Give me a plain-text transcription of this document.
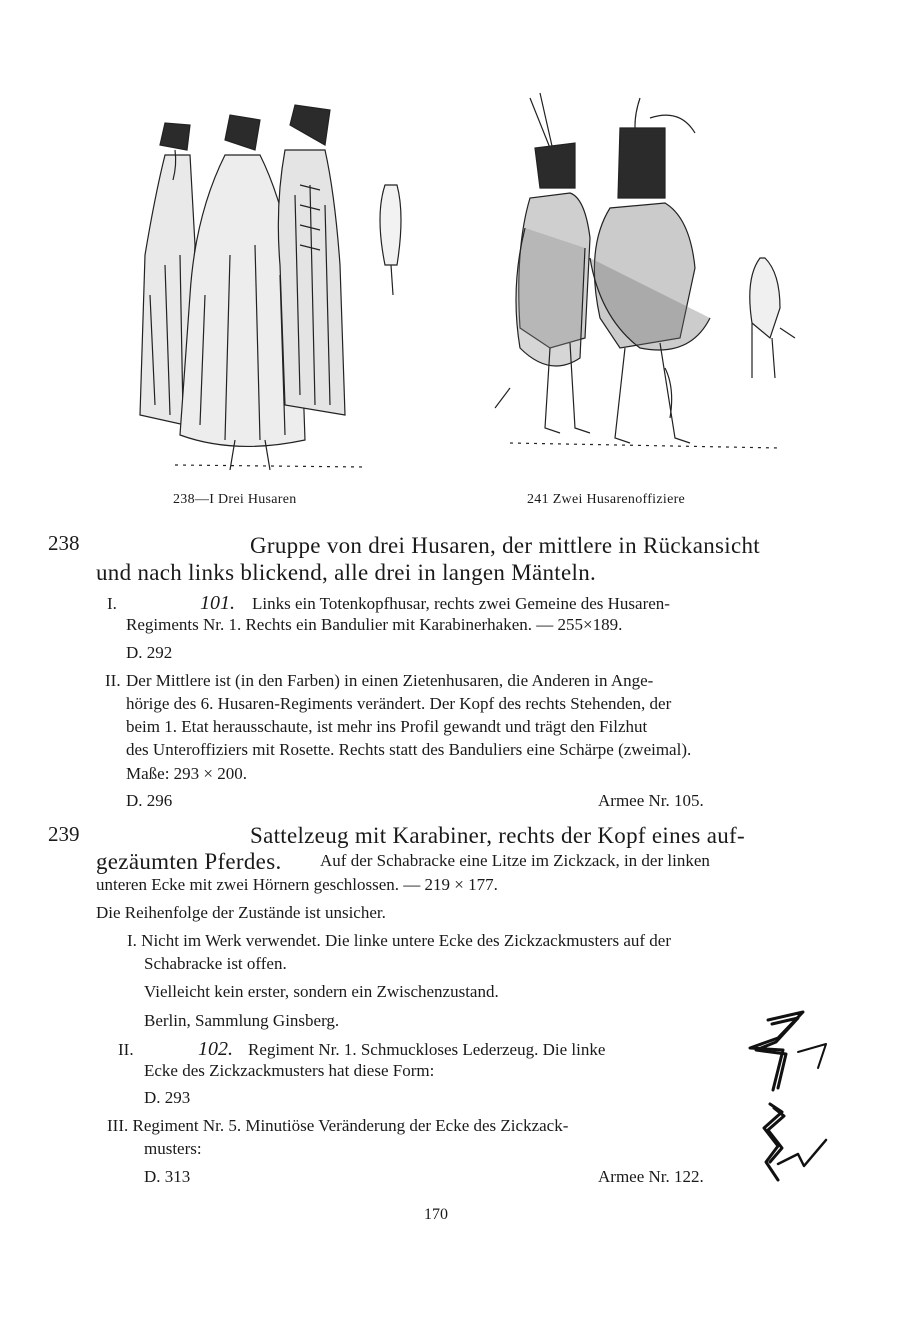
238—I Drei Husaren	241 Zwei Husarenoffiziere
238	Gruppe von drei Husaren, der mittlere in Rückansicht
und nach links blickend, alle drei in langen Mänteln.
I.	101. Links ein Totenkopfhusar, rechts zwei Gemeine des Husaren-
Regiments Nr. 1. Rechts ein Bandulier mit Karabinerhaken. — 255×189.
D. 292
II. Der Mittlere ist (in den Farben) in einen Zietenhusaren, die Anderen in Ange-
hörige des 6. Husaren-Regiments verändert. Der Kopf des rechts Stehenden, der
beim 1. Etat herausschaute, ist mehr ins Profil gewandt und trägt den Filzhut
des Unteroffiziers mit Rosette. Rechts statt des Banduliers eine Schärpe (zweimal).
Maße: 293 × 200.
D. 296	Armee Nr. 105.
239	Sattelzeug mit Karabiner, rechts der Kopf eines auf-
gezäumten Pferdes. Auf der Schabracke eine Litze im Zickzack, in der linken
unteren Ecke mit zwei Hörnern geschlossen. — 219 × 177.
Die Reihenfolge der Zustände ist unsicher.
I. Nicht im Werk verwendet. Die linke untere Ecke des Zickzackmusters auf der
Schabracke ist offen.
Vielleicht kein erster, sondern ein Zwischenzustand.
Berlin, Sammlung Ginsberg.
II.	102. Regiment Nr. 1. Schmuckloses Lederzeug. Die linke
Ecke des Zickzackmusters hat diese Form:
D. 293
III. Regiment Nr. 5. Minutiöse Veränderung der Ecke des Zickzack-
musters:
D. 313	Armee Nr. 122.
170
